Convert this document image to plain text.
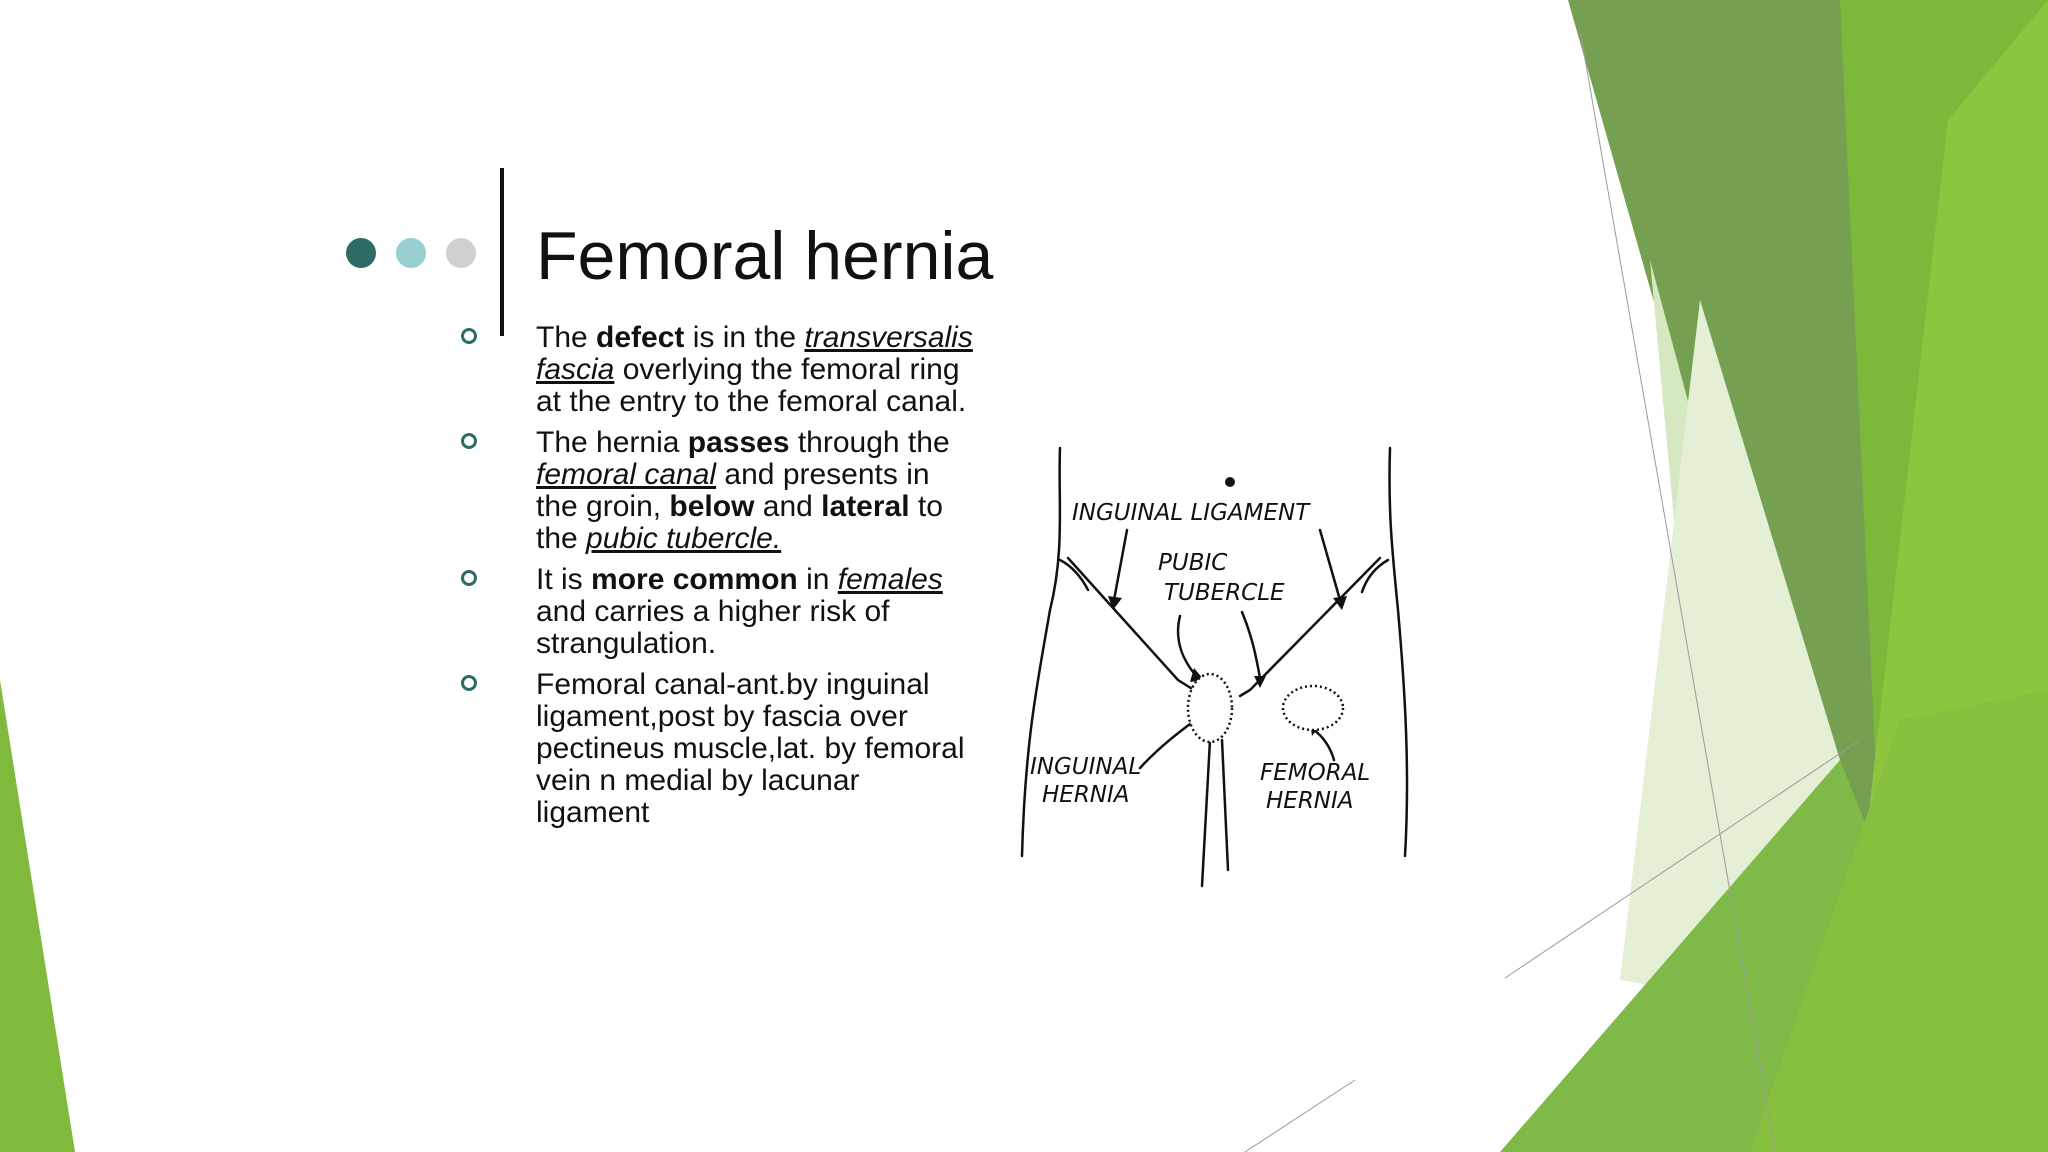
Femoral hernia
The defect is in the transversalis fascia overlying the femoral ring at the entry to the femoral canal.
The hernia passes through the femoral canal and presents in the groin, below and lateral to the pubic tubercle.
It is more common in females and carries a higher risk of strangulation.
Femoral canal-ant.by inguinal ligament,post by fascia over pectineus muscle,lat. by femoral vein n medial by lacunar ligament
INGUINAL LIGAMENT
PUBIC
TUBERCLE
INGUINAL
HERNIA
FEMORAL
HERNIA
